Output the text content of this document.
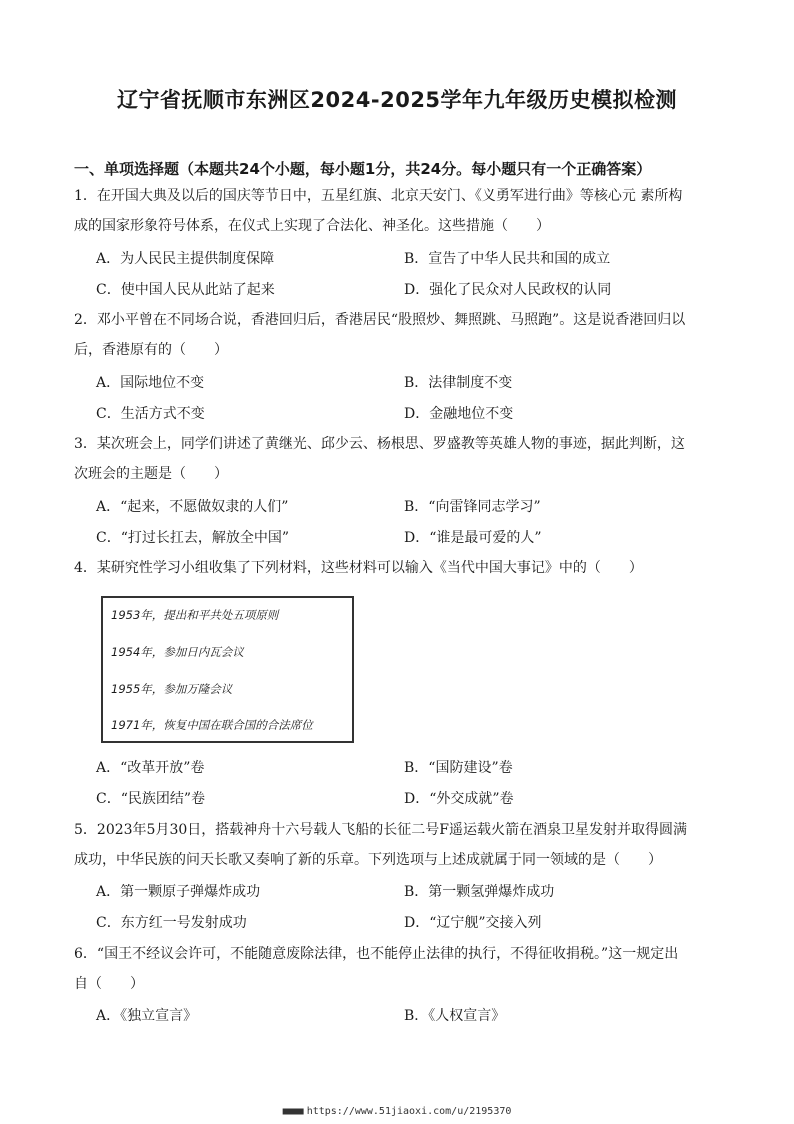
辽宁省抚顺市东洲区2024-2025学年九年级历史模拟检测
一、单项选择题（本题共24个小题，每小题1分，共24分。每小题只有一个正确答案）
1．在开国大典及以后的国庆等节日中，五星红旗、北京天安门、《义勇军进行曲》等核心元 素所构
成的国家形象符号体系，在仪式上实现了合法化、神圣化。这些措施（　　）
A．为人民民主提供制度保障	B．宣告了中华人民共和国的成立
C．使中国人民从此站了起来	D．强化了民众对人民政权的认同
2．邓小平曾在不同场合说，香港回归后，香港居民“股照炒、舞照跳、马照跑”。这是说香港回归以
后，香港原有的（　　）
A．国际地位不变	B．法律制度不变
C．生活方式不变	D．金融地位不变
3．某次班会上，同学们讲述了黄继光、邱少云、杨根思、罗盛教等英雄人物的事迹，据此判断，这
次班会的主题是（　　）
A．“起来，不愿做奴隶的人们”	B．“向雷锋同志学习”
C．“打过长扛去，解放全中国”	D．“谁是最可爱的人”
4．某研究性学习小组收集了下列材料，这些材料可以输入《当代中国大事记》中的（　　）
1953年，提出和平共处五项原则
1954年，参加日内瓦会议
1955年，参加万隆会议
1971年，恢复中国在联合国的合法席位
A．“改革开放”卷	B．“国防建设”卷
C．“民族团结”卷	D．“外交成就”卷
5．2023年5月30日，搭载神舟十六号载人飞船的长征二号F遥运载火箭在酒泉卫星发射并取得圆满
成功，中华民族的问天长歌又奏响了新的乐章。下列选项与上述成就属于同一领域的是（　　）
A．第一颗原子弹爆炸成功	B．第一颗氢弹爆炸成功
C．东方红一号发射成功	D．“辽宁舰”交接入列
6．“国王不经议会许可，不能随意废除法律，也不能停止法律的执行，不得征收捐税。”这一规定出
自（　　）
A．《独立宣言》	B．《人权宣言》
■■■■ https://www.51jiaoxi.com/u/2195370
